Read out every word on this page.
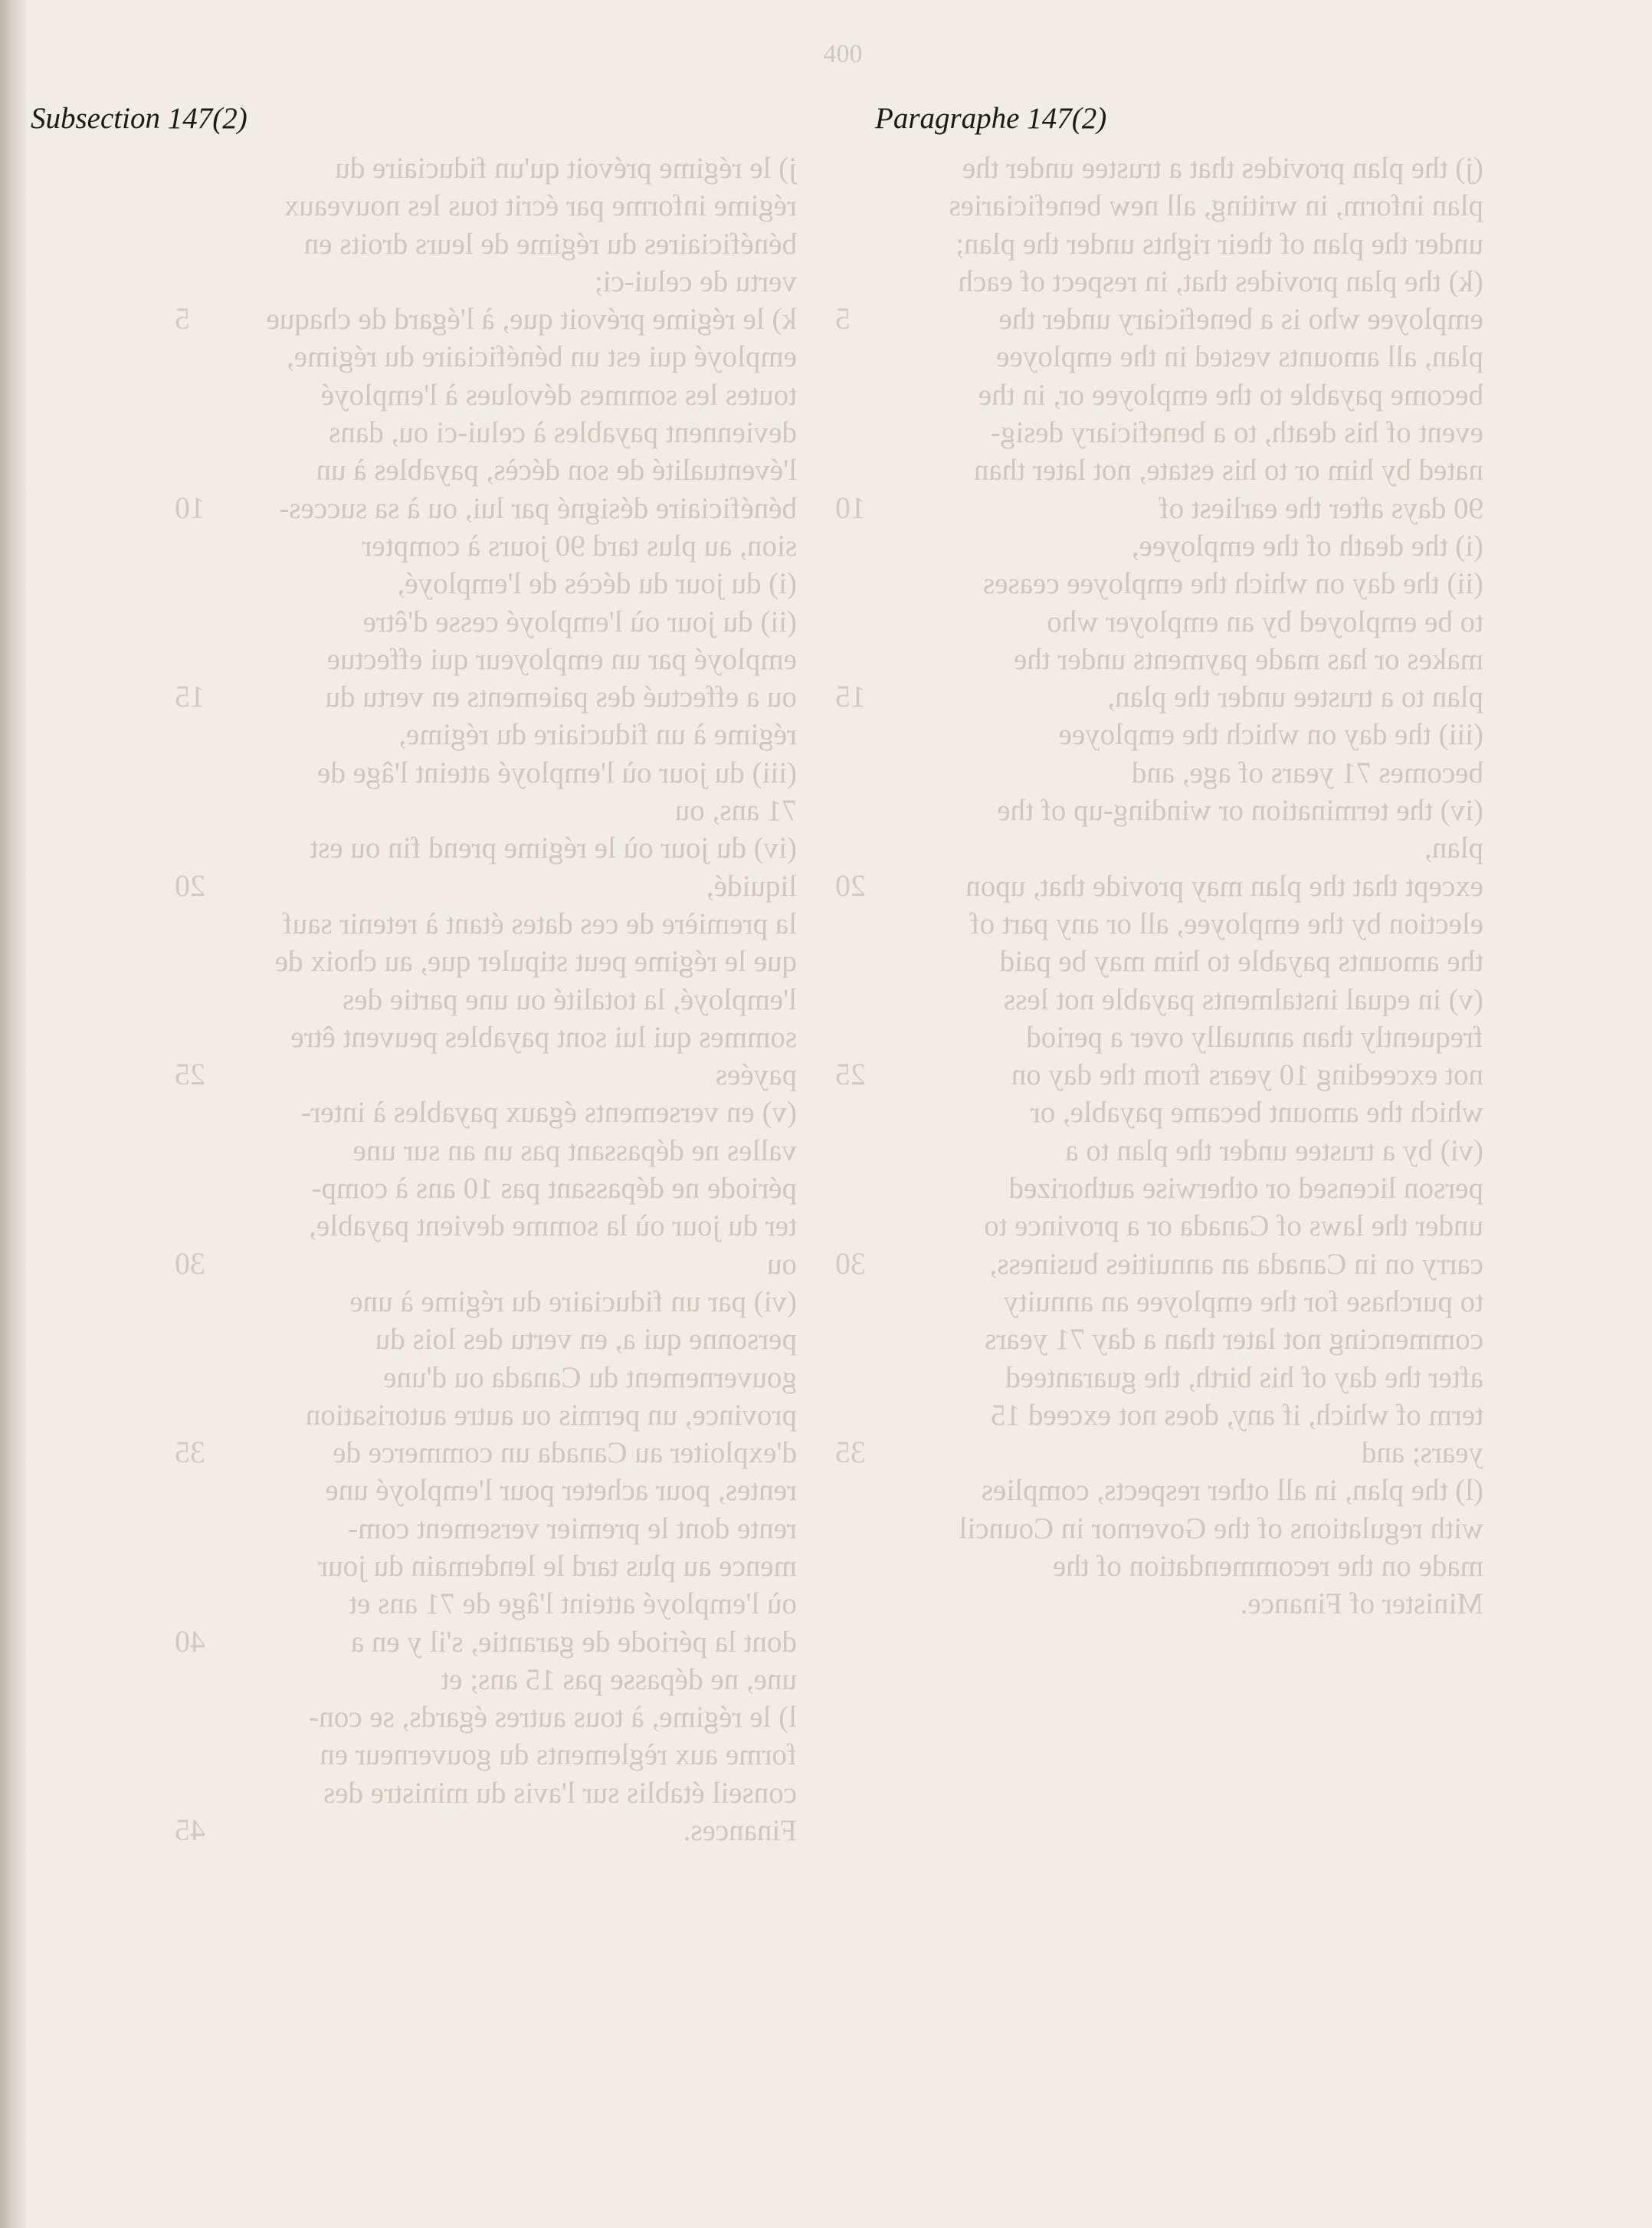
400
Subsection 147(2)	Paragraphe 147(2)
j) le régime prévoit qu'un fiduciaire du
régime informe par écrit tous les nouveaux
bénéficiaires du régime de leurs droits en
vertu de celui-ci;
k) le régime prévoit que, à l'égard de chaque
employé qui est un bénéficiaire du régime,
toutes les sommes dévolues à l'employé
deviennent payables à celui-ci ou, dans
l'éventualité de son décès, payables à un
bénéficiaire désigné par lui, ou à sa succes-
sion, au plus tard 90 jours à compter
(i) du jour du décès de l'employé,
(ii) du jour où l'employé cesse d'être
employé par un employeur qui effectue
ou a effectué des paiements en vertu du
régime à un fiduciaire du régime,
(iii) du jour où l'employé atteint l'âge de
71 ans, ou
(iv) du jour où le régime prend fin ou est
liquidé,
la première de ces dates étant à retenir sauf
que le régime peut stipuler que, au choix de
l'employé, la totalité ou une partie des
sommes qui lui sont payables peuvent être
payées
(v) en versements égaux payables à inter-
valles ne dépassant pas un an sur une
période ne dépassant pas 10 ans à comp-
ter du jour où la somme devient payable,
ou
(vi) par un fiduciaire du régime à une
personne qui a, en vertu des lois du
gouvernement du Canada ou d'une
province, un permis ou autre autorisation
d'exploiter au Canada un commerce de
rentes, pour acheter pour l'employé une
rente dont le premier versement com-
mence au plus tard le lendemain du jour
où l'employé atteint l'âge de 71 ans et
dont la période de garantie, s'il y en a
une, ne dépasse pas 15 ans; et
l) le régime, à tous autres égards, se con-
forme aux règlements du gouverneur en
conseil établis sur l'avis du ministre des
Finances.
(j) the plan provides that a trustee under the
plan inform, in writing, all new beneficiaries
under the plan of their rights under the plan;
(k) the plan provides that, in respect of each
employee who is a beneficiary under the
plan, all amounts vested in the employee
become payable to the employee or, in the
event of his death, to a beneficiary desig-
nated by him or to his estate, not later than
90 days after the earliest of
(i) the death of the employee,
(ii) the day on which the employee ceases
to be employed by an employer who
makes or has made payments under the
plan to a trustee under the plan,
(iii) the day on which the employee
becomes 71 years of age, and
(iv) the termination or winding-up of the
plan,
except that the plan may provide that, upon
election by the employee, all or any part of
the amounts payable to him may be paid
(v) in equal instalments payable not less
frequently than annually over a period
not exceeding 10 years from the day on
which the amount became payable, or
(vi) by a trustee under the plan to a
person licensed or otherwise authorized
under the laws of Canada or a province to
carry on in Canada an annuities business,
to purchase for the employee an annuity
commencing not later than a day 71 years
after the day of his birth, the guaranteed
term of which, if any, does not exceed 15
years; and
(l) the plan, in all other respects, complies
with regulations of the Governor in Council
made on the recommendation of the
Minister of Finance.
5
10
15
20
25
30
35
40
45
5
10
15
20
25
30
35
